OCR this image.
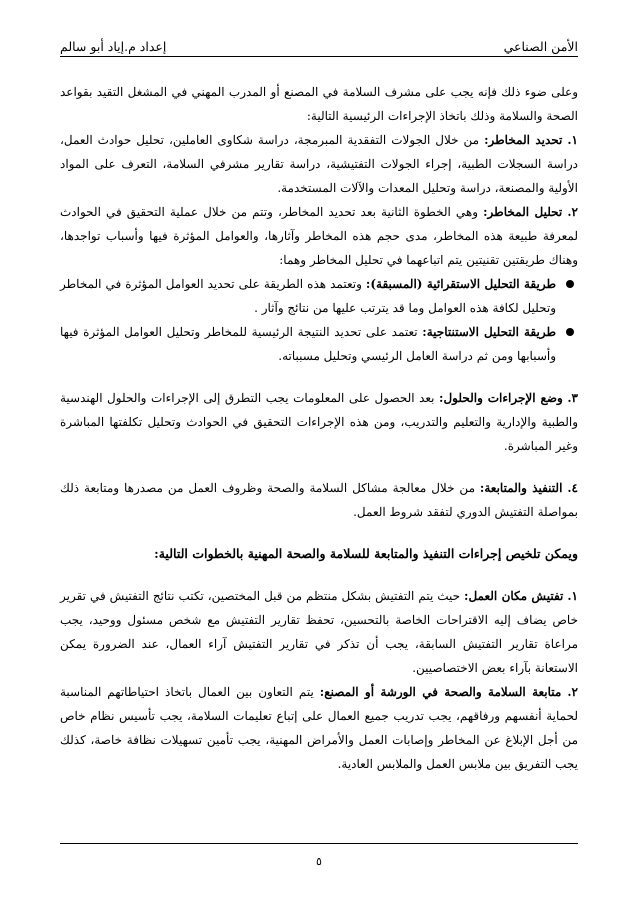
الأمن الصناعي
إعداد م.إياد أبو سالم

وعلى ضوء ذلك فإنه يجب على مشرف السلامة في المصنع أو المدرب المهني في المشغل التقيد بقواعد الصحة والسلامة وذلك باتخاذ الإجراءات الرئيسية التالية:

١. تحديد المخاطر: من خلال الجولات التفقدية المبرمجة، دراسة شكاوى العاملين، تحليل حوادث العمل، دراسة السجلات الطبية، إجراء الجولات التفتيشية، دراسة تقارير مشرفي السلامة، التعرف على المواد الأولية والمصنعة، دراسة وتحليل المعدات والآلات المستخدمة.

٢. تحليل المخاطر: وهي الخطوة الثانية بعد تحديد المخاطر، وتتم من خلال عملية التحقيق في الحوادث لمعرفة طبيعة هذه المخاطر، مدى حجم هذه المخاطر وآثارها، والعوامل المؤثرة فيها وأسباب تواجدها، وهناك طريقتين تقنيتين يتم اتباعهما في تحليل المخاطر وهما:

طريقة التحليل الاستقرائية (المسبقة): وتعتمد هذه الطريقة على تحديد العوامل المؤثرة في المخاطر وتحليل لكافة هذه العوامل وما قد يترتب عليها من نتائج وآثار .

طريقة التحليل الاستنتاجية: تعتمد على تحديد النتيجة الرئيسية للمخاطر وتحليل العوامل المؤثرة فيها وأسبابها ومن ثم دراسة العامل الرئيسي وتحليل مسبباته.

٣. وضع الإجراءات والحلول: بعد الحصول على المعلومات يجب التطرق إلى الإجراءات والحلول الهندسية والطبية والإدارية والتعليم والتدريب، ومن هذه الإجراءات التحقيق في الحوادث وتحليل تكلفتها المباشرة وغير المباشرة.

٤. التنفيذ والمتابعة: من خلال معالجة مشاكل السلامة والصحة وظروف العمل من مصدرها ومتابعة ذلك بمواصلة التفتيش الدوري لتفقد شروط العمل.

ويمكن تلخيص إجراءات التنفيذ والمتابعة للسلامة والصحة المهنية بالخطوات التالية:

١. تفتيش مكان العمل: حيث يتم التفتيش بشكل منتظم من قبل المختصين، تكتب نتائج التفتيش في تقرير خاص يضاف إليه الاقتراحات الخاصة بالتحسين، تحفظ تقارير التفتيش مع شخص مسئول ووحيد، يجب مراعاة تقارير التفتيش السابقة، يجب أن تذكر في تقارير التفتيش آراء العمال، عند الضرورة يمكن الاستعانة بآراء بعض الاختصاصيين.

٢. متابعة السلامة والصحة في الورشة أو المصنع: يتم التعاون بين العمال باتخاذ احتياطاتهم المناسبة لحماية أنفسهم ورفاقهم، يجب تدريب جميع العمال على إتباع تعليمات السلامة، يجب تأسيس نظام خاص من أجل الإبلاغ عن المخاطر وإصابات العمل والأمراض المهنية، يجب تأمين تسهيلات نظافة خاصة، كذلك يجب التفريق بين ملابس العمل والملابس العادية.

٥
